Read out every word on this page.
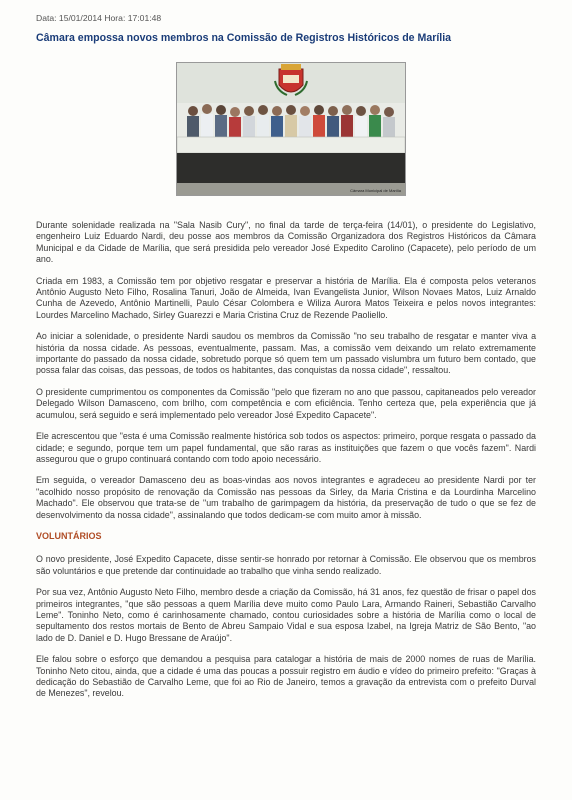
Data: 15/01/2014 Hora: 17:01:48
Câmara empossa novos membros na Comissão de Registros Históricos de Marília
Câmara Municipal de Marília

Durante solenidade realizada na "Sala Nasib Cury", no final da tarde de terça-feira (14/01), o presidente do Legislativo, engenheiro Luiz Eduardo Nardi, deu posse aos membros da Comissão Organizadora dos Registros Históricos da Câmara Municipal e da Cidade de Marília, que será presidida pelo vereador José Expedito Carolino (Capacete), pelo período de um ano.

Criada em 1983, a Comissão tem por objetivo resgatar e preservar a história de Marília. Ela é composta pelos veteranos Antônio Augusto Neto Filho, Rosalina Tanuri, João de Almeida, Ivan Evangelista Junior, Wilson Novaes Matos, Luiz Arnaldo Cunha de Azevedo, Antônio Martinelli, Paulo César Colombera e Wiliza Aurora Matos Teixeira e pelos novos integrantes: Lourdes Marcelino Machado, Sirley Guarezzi e Maria Cristina Cruz de Rezende Paoliello.

Ao iniciar a solenidade, o presidente Nardi saudou os membros da Comissão "no seu trabalho de resgatar e manter viva a história da nossa cidade. As pessoas, eventualmente, passam. Mas, a comissão vem deixando um relato extremamente importante do passado da nossa cidade, sobretudo porque só quem tem um passado vislumbra um futuro bem contado, que possa falar das coisas, das pessoas, de todos os habitantes, das conquistas da nossa cidade", ressaltou.

O presidente cumprimentou os componentes da Comissão "pelo que fizeram no ano que passou, capitaneados pelo vereador Delegado Wilson Damasceno, com brilho, com competência e com eficiência. Tenho certeza que, pela experiência que já acumulou, será seguido e será implementado pelo vereador José Expedito Capacete".

Ele acrescentou que "esta é uma Comissão realmente histórica sob todos os aspectos: primeiro, porque resgata o passado da cidade; e segundo, porque tem um papel fundamental, que são raras as instituições que fazem o que vocês fazem". Nardi assegurou que o grupo continuará contando com todo apoio necessário.

Em seguida, o vereador Damasceno deu as boas-vindas aos novos integrantes e agradeceu ao presidente Nardi por ter "acolhido nosso propósito de renovação da Comissão nas pessoas da Sirley, da Maria Cristina e da Lourdinha Marcelino Machado". Ele observou que trata-se de "um trabalho de garimpagem da história, da preservação de tudo o que se fez de desenvolvimento da nossa cidade", assinalando que todos dedicam-se com muito amor à missão.

VOLUNTÁRIOS

O novo presidente, José Expedito Capacete, disse sentir-se honrado por retornar à Comissão. Ele observou que os membros são voluntários e que pretende dar continuidade ao trabalho que vinha sendo realizado.

Por sua vez, Antônio Augusto Neto Filho, membro desde a criação da Comissão, há 31 anos, fez questão de frisar o papel dos primeiros integrantes, "que são pessoas a quem Marília deve muito como Paulo Lara, Armando Raineri, Sebastião Carvalho Leme". Toninho Neto, como é carinhosamente chamado, contou curiosidades sobre a história de Marília como o local de sepultamento dos restos mortais de Bento de Abreu Sampaio Vidal e sua esposa Izabel, na Igreja Matriz de São Bento, "ao lado de D. Daniel e D. Hugo Bressane de Araújo".

Ele falou sobre o esforço que demandou a pesquisa para catalogar a história de mais de 2000 nomes de ruas de Marília. Toninho Neto citou, ainda, que a cidade é uma das poucas a possuir registro em áudio e vídeo do primeiro prefeito: "Graças à dedicação do Sebastião de Carvalho Leme, que foi ao Rio de Janeiro, temos a gravação da entrevista com o prefeito Durval de Menezes", revelou.
